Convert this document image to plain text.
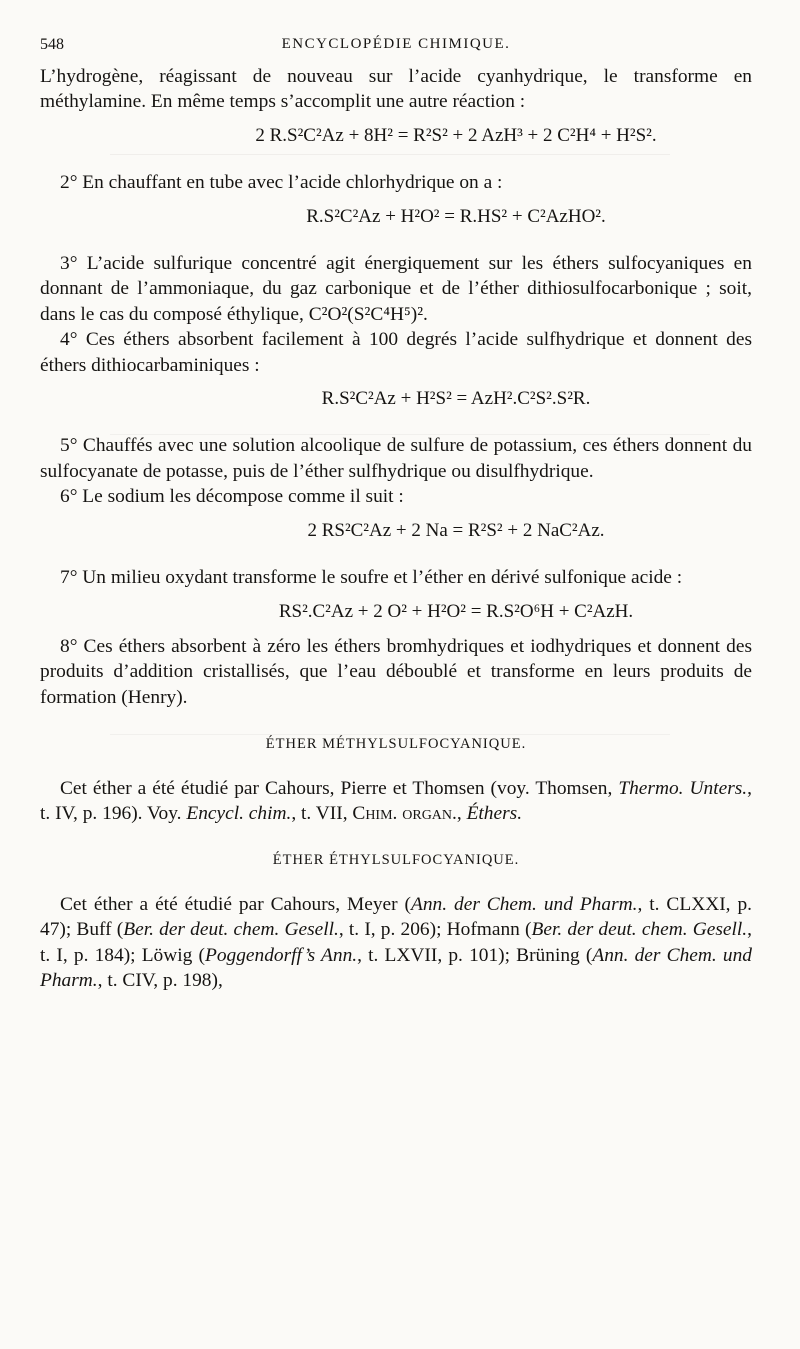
548	ENCYCLOPÉDIE CHIMIQUE.

L’hydrogène, réagissant de nouveau sur l’acide cyanhydrique, le transforme en méthylamine. En même temps s’accomplit une autre réaction :

2 R.S²C²Az + 8H² = R²S² + 2 AzH³ + 2 C²H⁴ + H²S².

2° En chauffant en tube avec l’acide chlorhydrique on a :

R.S²C²Az + H²O² = R.HS² + C²AzHO².

3° L’acide sulfurique concentré agit énergiquement sur les éthers sulfocyaniques en donnant de l’ammoniaque, du gaz carbonique et de l’éther dithiosulfocarbonique ; soit, dans le cas du composé éthylique, C²O²(S²C⁴H⁵)².

4° Ces éthers absorbent facilement à 100 degrés l’acide sulfhydrique et donnent des éthers dithiocarbaminiques :

R.S²C²Az + H²S² = AzH².C²S².S²R.

5° Chauffés avec une solution alcoolique de sulfure de potassium, ces éthers donnent du sulfocyanate de potasse, puis de l’éther sulfhydrique ou disulfhydrique.

6° Le sodium les décompose comme il suit :

2 RS²C²Az + 2 Na = R²S² + 2 NaC²Az.

7° Un milieu oxydant transforme le soufre et l’éther en dérivé sulfonique acide :

RS².C²Az + 2 O² + H²O² = R.S²O⁶H + C²AzH.

8° Ces éthers absorbent à zéro les éthers bromhydriques et iodhydriques et donnent des produits d’addition cristallisés, que l’eau déboublé et transforme en leurs produits de formation (Henry).

ÉTHER MÉTHYLSULFOCYANIQUE.

Cet éther a été étudié par Cahours, Pierre et Thomsen (voy. Thomsen, Thermo. Unters., t. IV, p. 196). Voy. Encycl. chim., t. VII, Chim. organ., Éthers.

ÉTHER ÉTHYLSULFOCYANIQUE.

Cet éther a été étudié par Cahours, Meyer (Ann. der Chem. und Pharm., t. CLXXI, p. 47); Buff (Ber. der deut. chem. Gesell., t. I, p. 206); Hofmann (Ber. der deut. chem. Gesell., t. I, p. 184); Löwig (Poggendorff’s Ann., t. LXVII, p. 101); Brüning (Ann. der Chem. und Pharm., t. CIV, p. 198),
